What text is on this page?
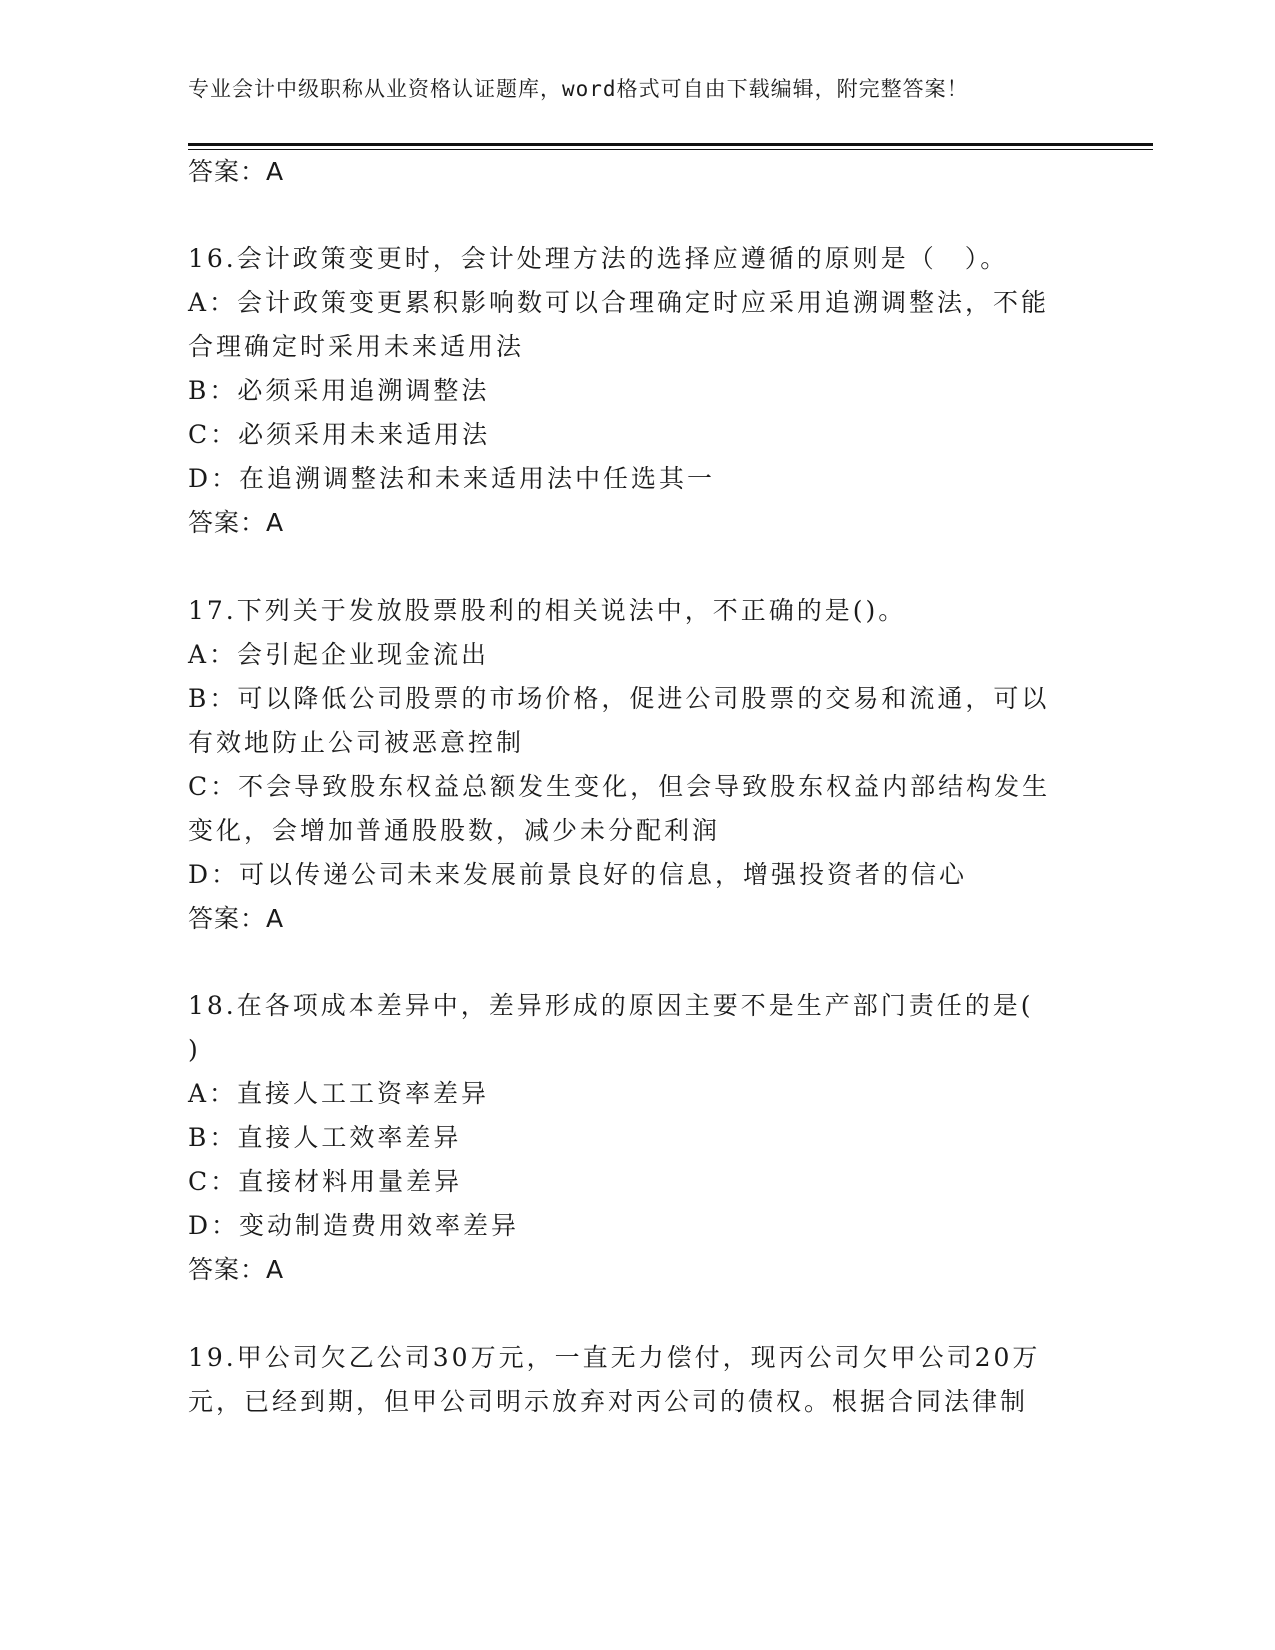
专业会计中级职称从业资格认证题库，word格式可自由下载编辑，附完整答案！
答案：A
16.会计政策变更时，会计处理方法的选择应遵循的原则是（　）。
A：会计政策变更累积影响数可以合理确定时应采用追溯调整法，不能
合理确定时采用未来适用法
B：必须采用追溯调整法
C：必须采用未来适用法
D：在追溯调整法和未来适用法中任选其一
答案：A
17.下列关于发放股票股利的相关说法中，不正确的是()。
A：会引起企业现金流出
B：可以降低公司股票的市场价格，促进公司股票的交易和流通，可以
有效地防止公司被恶意控制
C：不会导致股东权益总额发生变化，但会导致股东权益内部结构发生
变化，会增加普通股股数，减少未分配利润
D：可以传递公司未来发展前景良好的信息，增强投资者的信心
答案：A
18.在各项成本差异中，差异形成的原因主要不是生产部门责任的是(
)
A：直接人工工资率差异
B：直接人工效率差异
C：直接材料用量差异
D：变动制造费用效率差异
答案：A
19.甲公司欠乙公司30万元，一直无力偿付，现丙公司欠甲公司20万
元，已经到期，但甲公司明示放弃对丙公司的债权。根据合同法律制
